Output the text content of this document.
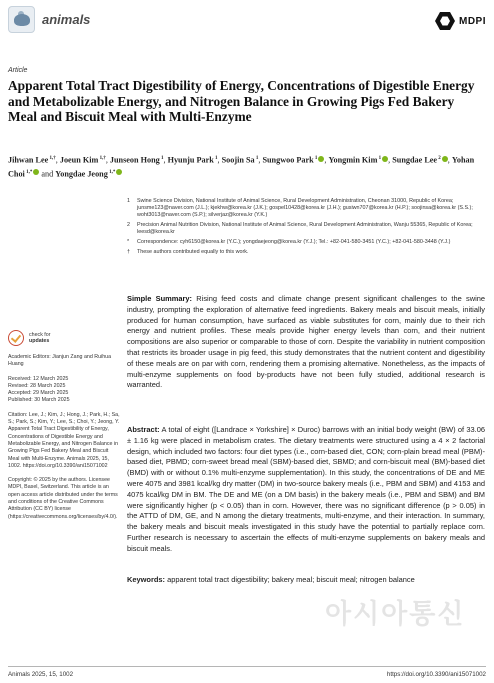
animals	MDPI
Article
Apparent Total Tract Digestibility of Energy, Concentrations of Digestible Energy and Metabolizable Energy, and Nitrogen Balance in Growing Pigs Fed Bakery Meal and Biscuit Meal with Multi-Enzyme
Jihwan Lee $^{1,\dagger}$, Joeun Kim $^{1,\dagger}$, Junseon Hong $^1$, Hyunju Park $^1$, Soojin Sa $^1$, Sungwoo Park $^1$ , Yongmin Kim $^1$ , Sungdae Lee $^2$ , Yohan Choi $^{1,*}$ and Yongdae Jeong $^{1,*}$
1	Swine Science Division, National Institute of Animal Science, Rural Development Administration, Cheonan 31000, Republic of Korea; junsme123@naver.com (J.L.); kjekhw@korea.kr (J.K.); gospel10428@korea.kr (J.H.); gusiwn707@korea.kr (H.P.); soojinsa@korea.kr (S.S.); woht3013@naver.com (S.P.); silverjaz@korea.kr (Y.K.)
2	Precision Animal Nutrition Division, National Institute of Animal Science, Rural Development Administration, Wanju 55365, Republic of Korea; leesd@korea.kr
*	Correspondence: cyh6150@korea.kr (Y.C.); yongdaejeong@korea.kr (Y.J.); Tel.: +82-041-580-3451 (Y.C.); +82-041-580-3448 (Y.J.)
†	These authors contributed equally to this work.
check for
updates
Academic Editors: Jianjun Zang and Ruihua Huang
Received: 12 March 2025
Revised: 28 March 2025
Accepted: 29 March 2025
Published: 30 March 2025
Citation: Lee, J.; Kim, J.; Hong, J.; Park, H.; Sa, S.; Park, S.; Kim, Y.; Lee, S.; Choi, Y.; Jeong, Y. Apparent Total Tract Digestibility of Energy, Concentrations of Digestible Energy and Metabolizable Energy, and Nitrogen Balance in Growing Pigs Fed Bakery Meal and Biscuit Meal with Multi-Enzyme. Animals 2025, 15, 1002. https://doi.org/10.3390/ani15071002
Copyright: © 2025 by the authors. Licensee MDPI, Basel, Switzerland. This article is an open access article distributed under the terms and conditions of the Creative Commons Attribution (CC BY) license (https://creativecommons.org/licenses/by/4.0/).
Simple Summary: Rising feed costs and climate change present significant challenges to the swine industry, prompting the exploration of alternative feed ingredients. Bakery meals and biscuit meals, initially produced for human consumption, have surfaced as viable substitutes for corn, mainly due to their rich energy and nutrient profiles. These meals provide higher energy levels than corn, and their nutrient compositions are also superior or comparable to those of corn. Despite the variability in nutrient composition that restricts its broader usage in pig feed, this study demonstrates that the nutrient content and digestibility of these meals are on par with corn, rendering them a promising alternative. Nonetheless, as the impacts of multi-enzyme supplements on food by-products have not been fully studied, additional research is warranted.
Abstract: A total of eight ([Landrace × Yorkshire] × Duroc) barrows with an initial body weight (BW) of 33.06 ± 1.16 kg were placed in metabolism crates. The dietary treatments were structured using a 4 × 2 factorial design, which included two factors: four diet types (i.e., corn-based diet, CON; corn-plain bread meal (PBM)-based diet, PBMD; corn-sweet bread meal (SBM)-based diet, SBMD; and corn-biscuit meal (BM)-based diet (BMD) with or without 0.1% multi-enzyme supplementation). In this study, the concentrations of DE and ME were 4075 and 3981 kcal/kg dry matter (DM) in two-source bakery meals (i.e., PBM and SBM) and 4153 and 4075 kcal/kg DM in BM. The DE and ME (on a DM basis) in the bakery meals (i.e., PBM and SBM) and BM were significantly higher (p < 0.05) than in corn. However, there was no significant difference (p > 0.05) in the ATTD of DM, GE, and N among the dietary treatments, multi-enzyme, and their interaction. In summary, the bakery meals and biscuit meals investigated in this study have the potential to partially replace corn. Further research is necessary to ascertain the effects of multi-enzyme supplements on bakery meals and biscuit meals.
Keywords: apparent total tract digestibility; bakery meal; biscuit meal; nitrogen balance
아시아통신
Animals 2025, 15, 1002	https://doi.org/10.3390/ani15071002
